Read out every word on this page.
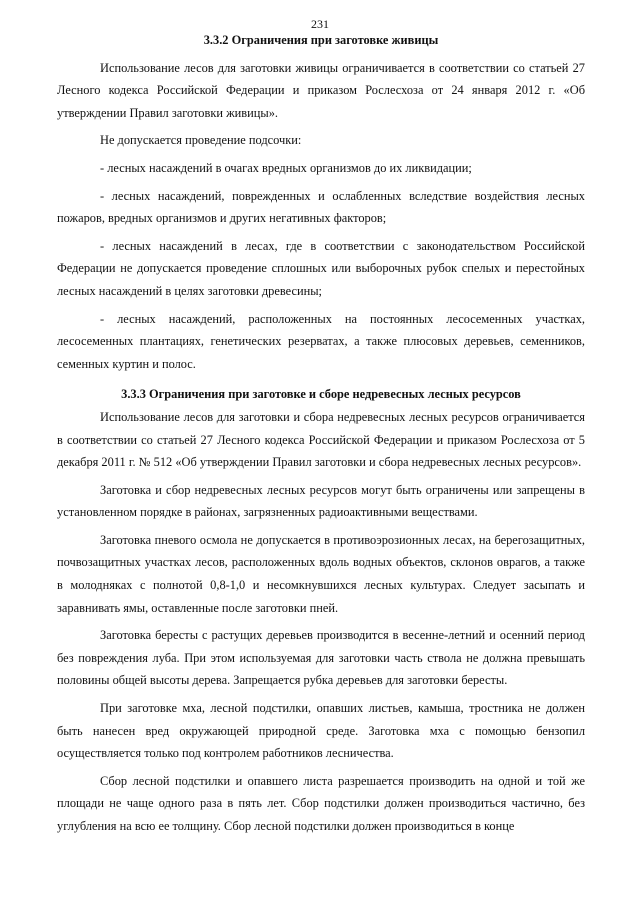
231

3.3.2 Ограничения при заготовке живицы

Использование лесов для заготовки живицы ограничивается в соответствии со статьей 27 Лесного кодекса Российской Федерации и приказом Рослесхоза от 24 января 2012 г. «Об утверждении Правил заготовки живицы».

Не допускается проведение подсочки:

- лесных насаждений в очагах вредных организмов до их ликвидации;

- лесных насаждений, поврежденных и ослабленных вследствие воздействия лесных пожаров, вредных организмов и других негативных факторов;

- лесных насаждений в лесах, где в соответствии с законодательством Российской Федерации не допускается проведение сплошных или выборочных рубок спелых и перестойных лесных насаждений в целях заготовки древесины;

- лесных насаждений, расположенных на постоянных лесосеменных участках, лесосеменных плантациях, генетических резерватах, а также плюсовых деревьев, семенников, семенных куртин и полос.

3.3.3 Ограничения при заготовке и сборе недревесных лесных ресурсов

Использование лесов для заготовки и сбора недревесных лесных ресурсов ограничивается в соответствии со статьей 27 Лесного кодекса Российской Федерации и приказом Рослесхоза от 5 декабря 2011 г. № 512 «Об утверждении Правил заготовки и сбора недревесных лесных ресурсов».

Заготовка и сбор недревесных лесных ресурсов могут быть ограничены или запрещены в установленном порядке в районах, загрязненных радиоактивными веществами.

Заготовка пневого осмола не допускается в противоэрозионных лесах, на берегозащитных, почвозащитных участках лесов, расположенных вдоль водных объектов, склонов оврагов, а также в молодняках с полнотой 0,8-1,0 и несомкнувшихся лесных культурах. Следует засыпать и заравнивать ямы, оставленные после заготовки пней.

Заготовка бересты с растущих деревьев производится в весенне-летний и осенний период без повреждения луба. При этом используемая для заготовки часть ствола не должна превышать половины общей высоты дерева. Запрещается рубка деревьев для заготовки бересты.

При заготовке мха, лесной подстилки, опавших листьев, камыша, тростника не должен быть нанесен вред окружающей природной среде. Заготовка мха с помощью бензопил осуществляется только под контролем работников лесничества.

Сбор лесной подстилки и опавшего листа разрешается производить на одной и той же площади не чаще одного раза в пять лет. Сбор подстилки должен производиться частично, без углубления на всю ее толщину. Сбор лесной подстилки должен производиться в конце
